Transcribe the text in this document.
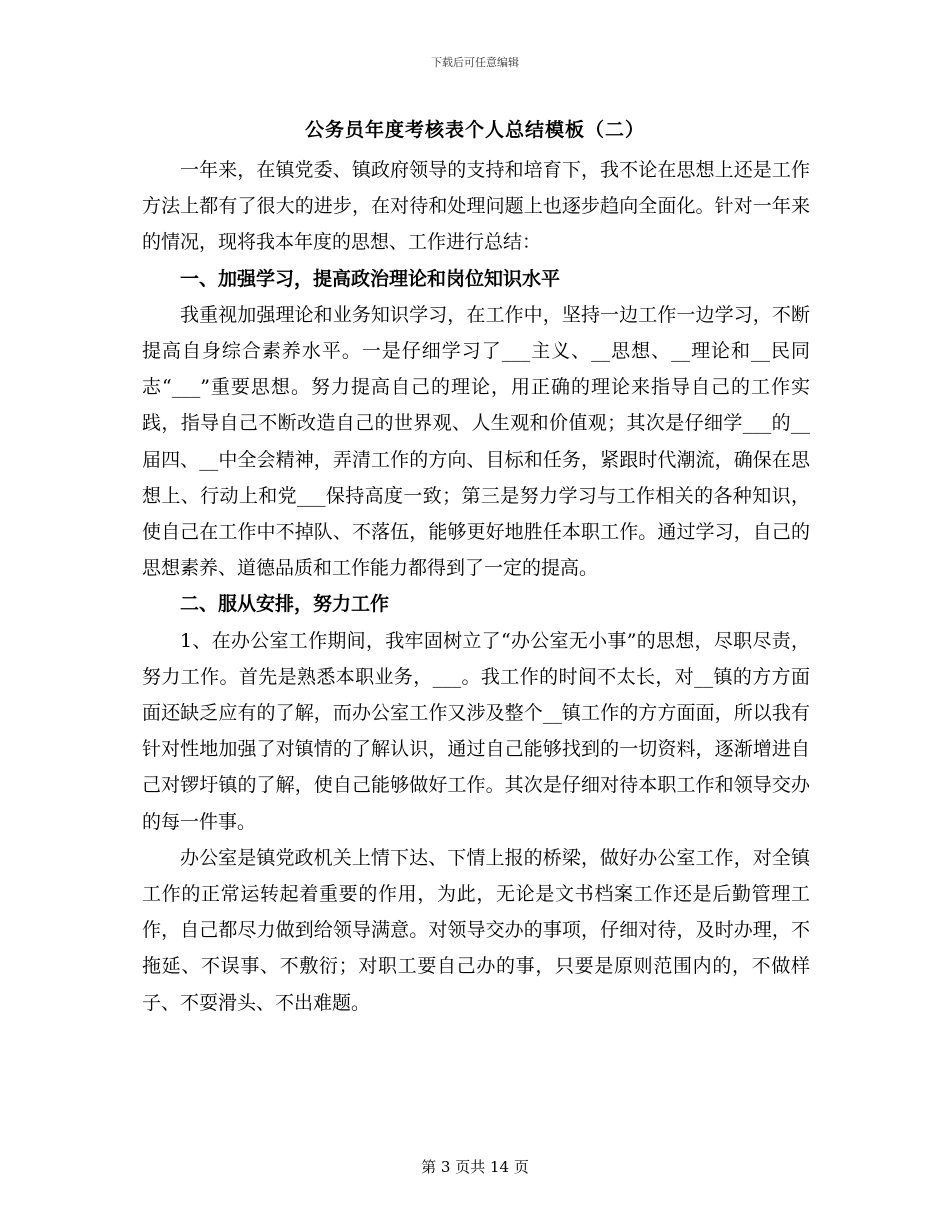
下载后可任意编辑
公务员年度考核表个人总结模板（二）

一年来，在镇党委、镇政府领导的支持和培育下，我不论在思想上还是工作方法上都有了很大的进步，在对待和处理问题上也逐步趋向全面化。针对一年来的情况，现将我本年度的思想、工作进行总结：

一、加强学习，提高政治理论和岗位知识水平

我重视加强理论和业务知识学习，在工作中，坚持一边工作一边学习，不断提高自身综合素养水平。一是仔细学习了___主义、__思想、__理论和__民同志“___”重要思想。努力提高自己的理论，用正确的理论来指导自己的工作实践，指导自己不断改造自己的世界观、人生观和价值观；其次是仔细学___的__届四、__中全会精神，弄清工作的方向、目标和任务，紧跟时代潮流，确保在思想上、行动上和党___保持高度一致；第三是努力学习与工作相关的各种知识，使自己在工作中不掉队、不落伍，能够更好地胜任本职工作。通过学习，自己的思想素养、道德品质和工作能力都得到了一定的提高。

二、服从安排，努力工作

1、在办公室工作期间，我牢固树立了“办公室无小事”的思想，尽职尽责，努力工作。首先是熟悉本职业务，___。我工作的时间不太长，对__镇的方方面面还缺乏应有的了解，而办公室工作又涉及整个__镇工作的方方面面，所以我有针对性地加强了对镇情的了解认识，通过自己能够找到的一切资料，逐渐增进自己对锣圩镇的了解，使自己能够做好工作。其次是仔细对待本职工作和领导交办的每一件事。

办公室是镇党政机关上情下达、下情上报的桥梁，做好办公室工作，对全镇工作的正常运转起着重要的作用，为此，无论是文书档案工作还是后勤管理工作，自己都尽力做到给领导满意。对领导交办的事项，仔细对待，及时办理，不拖延、不误事、不敷衍；对职工要自己办的事，只要是原则范围内的，不做样子、不耍滑头、不出难题。

第 3 页共 14 页
